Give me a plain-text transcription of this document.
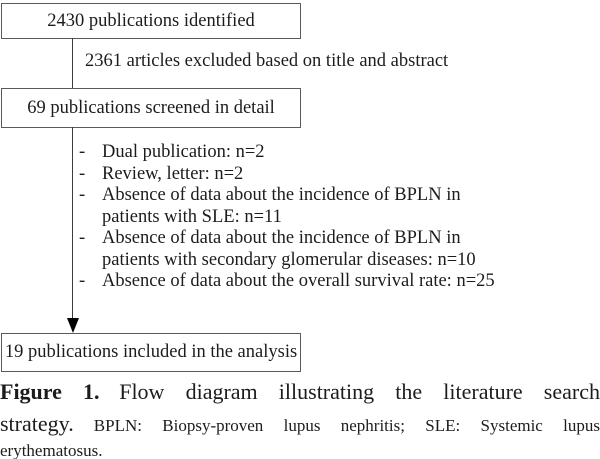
2430 publications identified
2361 articles excluded based on title and abstract
69 publications screened in detail
- Dual publication: n=2
- Review, letter: n=2
- Absence of data about the incidence of BPLN in
patients with SLE: n=11
- Absence of data about the incidence of BPLN in
patients with secondary glomerular diseases: n=10
- Absence of data about the overall survival rate: n=25
19 publications included in the analysis
Figure 1. Flow diagram illustrating the literature search
strategy. BPLN: Biopsy-proven lupus nephritis; SLE: Systemic lupus
erythematosus.
